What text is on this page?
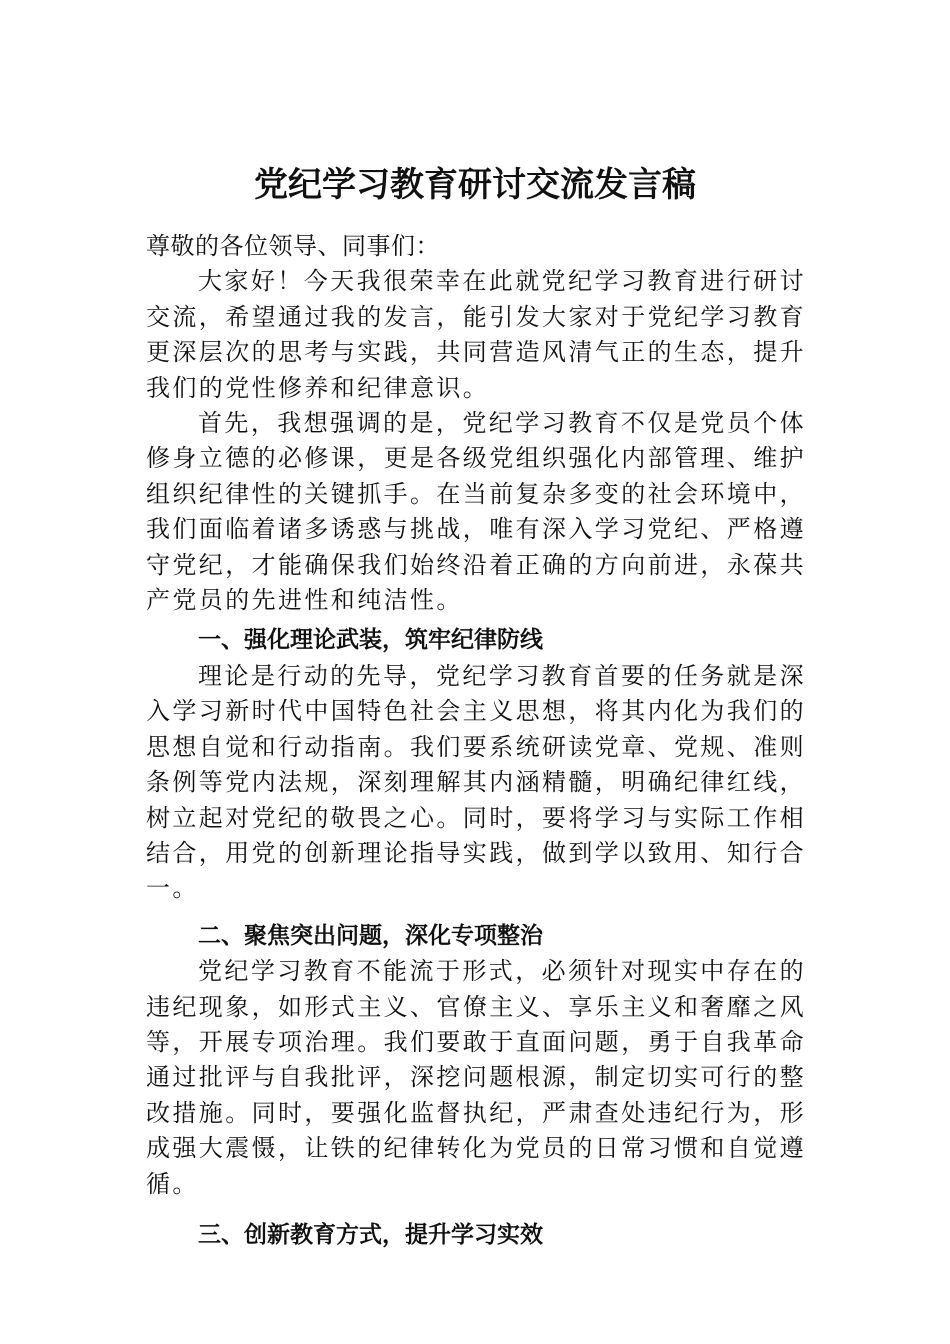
党纪学习教育研讨交流发言稿

尊敬的各位领导、同事们：

大家好！今天我很荣幸在此就党纪学习教育进行研讨交流，希望通过我的发言，能引发大家对于党纪学习教育更深层次的思考与实践，共同营造风清气正的生态，提升我们的党性修养和纪律意识。

首先，我想强调的是，党纪学习教育不仅是党员个体修身立德的必修课，更是各级党组织强化内部管理、维护组织纪律性的关键抓手。在当前复杂多变的社会环境中，我们面临着诸多诱惑与挑战，唯有深入学习党纪、严格遵守党纪，才能确保我们始终沿着正确的方向前进，永葆共产党员的先进性和纯洁性。

一、强化理论武装，筑牢纪律防线

理论是行动的先导，党纪学习教育首要的任务就是深入学习新时代中国特色社会主义思想，将其内化为我们的思想自觉和行动指南。我们要系统研读党章、党规、准则条例等党内法规，深刻理解其内涵精髓，明确纪律红线，树立起对党纪的敬畏之心。同时，要将学习与实际工作相结合，用党的创新理论指导实践，做到学以致用、知行合一。

二、聚焦突出问题，深化专项整治

党纪学习教育不能流于形式，必须针对现实中存在的违纪现象，如形式主义、官僚主义、享乐主义和奢靡之风等，开展专项治理。我们要敢于直面问题，勇于自我革命通过批评与自我批评，深挖问题根源，制定切实可行的整改措施。同时，要强化监督执纪，严肃查处违纪行为，形成强大震慑，让铁的纪律转化为党员的日常习惯和自觉遵循。

三、创新教育方式，提升学习实效
